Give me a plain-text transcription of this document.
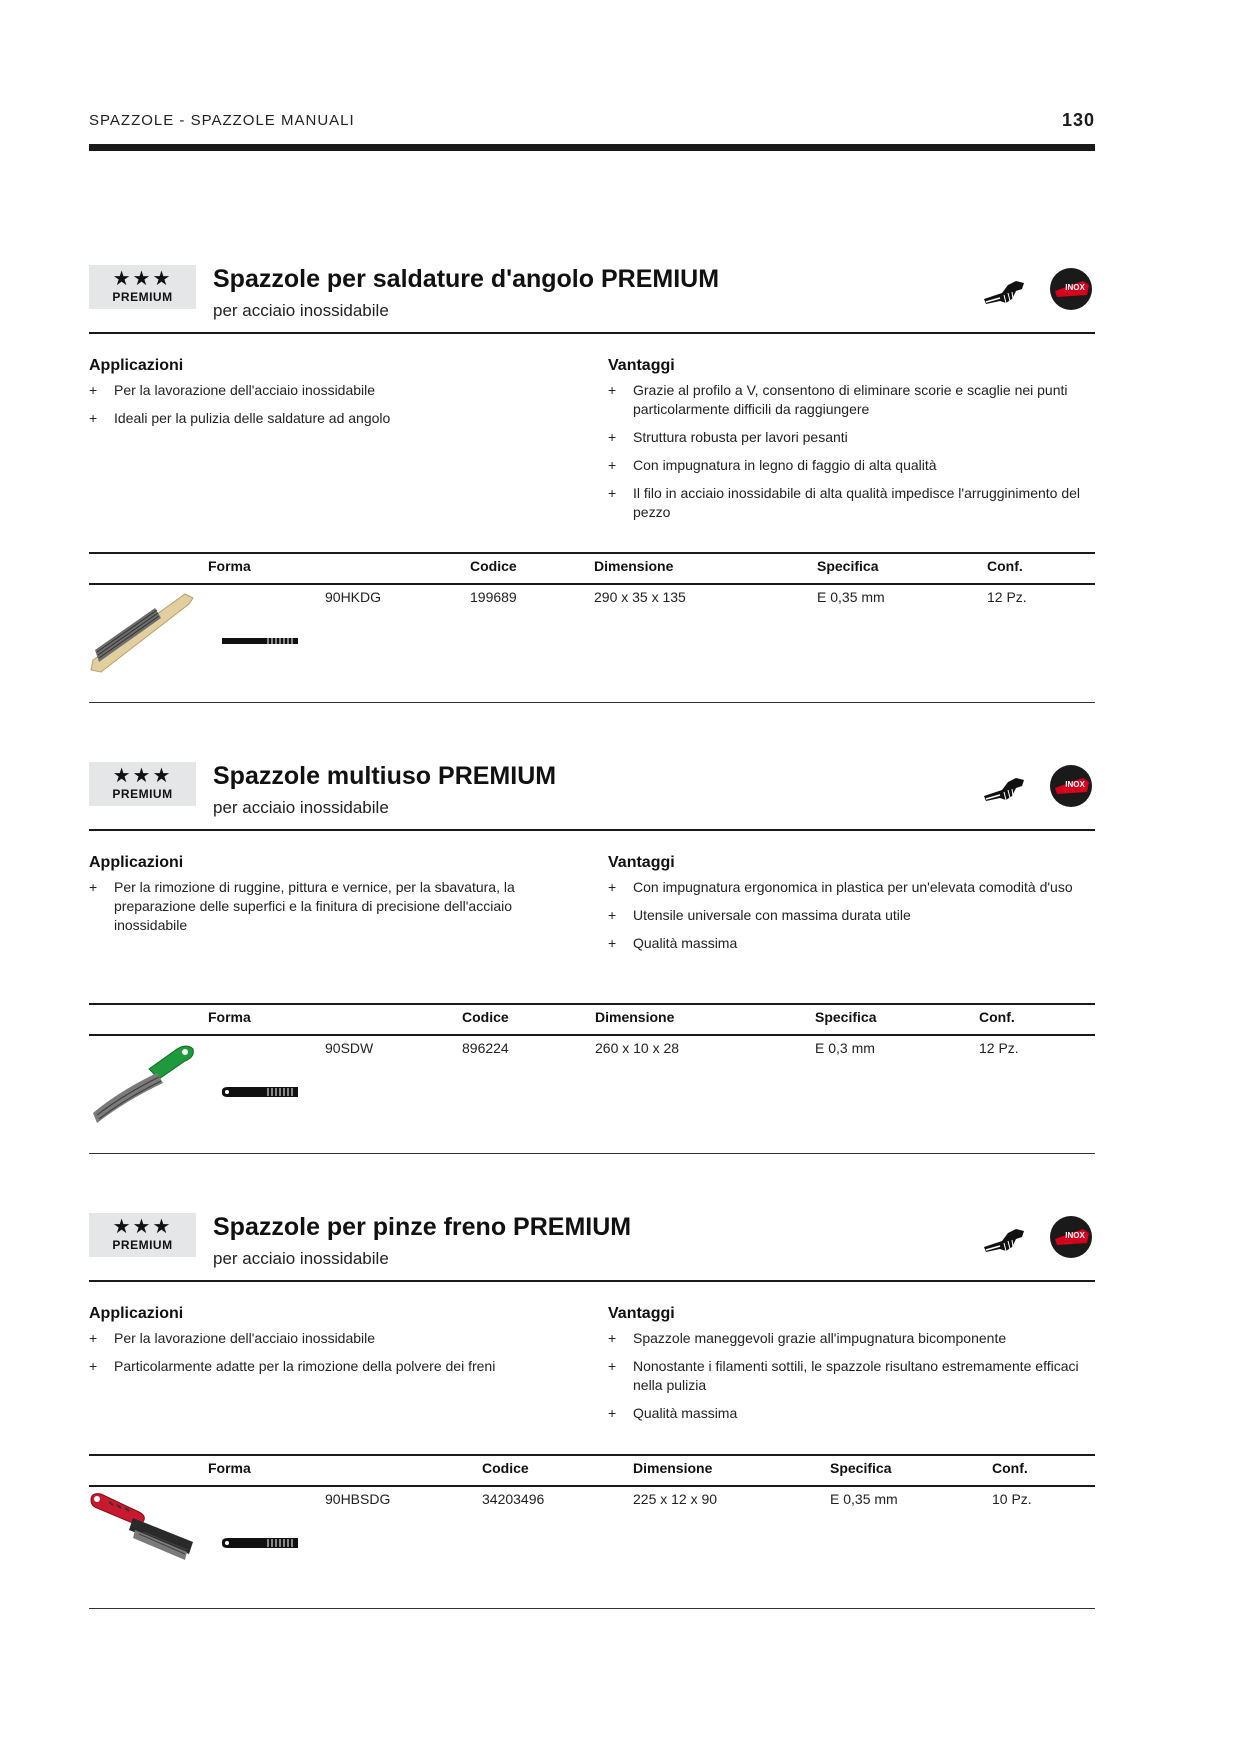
SPAZZOLE - SPAZZOLE MANUALI	130
★★★
PREMIUM
Spazzole per saldature d'angolo PREMIUM
per acciaio inossidabile
INOX
Applicazioni
+ Per la lavorazione dell'acciaio inossidabile
+ Ideali per la pulizia delle saldature ad angolo
Vantaggi
+ Grazie al profilo a V, consentono di eliminare scorie e scaglie nei punti particolarmente difficili da raggiungere
+ Struttura robusta per lavori pesanti
+ Con impugnatura in legno di faggio di alta qualità
+ Il filo in acciaio inossidabile di alta qualità impedisce l'arrugginimento del pezzo
Forma	Codice	Dimensione	Specifica	Conf.
90HKDG	199689	290 x 35 x 135	E 0,35 mm	12 Pz.
★★★
PREMIUM
Spazzole multiuso PREMIUM
per acciaio inossidabile
INOX
Applicazioni
+ Per la rimozione di ruggine, pittura e vernice, per la sbavatura, la preparazione delle superfici e la finitura di precisione dell'acciaio inossidabile
Vantaggi
+ Con impugnatura ergonomica in plastica per un'elevata comodità d'uso
+ Utensile universale con massima durata utile
+ Qualità massima
Forma	Codice	Dimensione	Specifica	Conf.
90SDW	896224	260 x 10 x 28	E 0,3 mm	12 Pz.
★★★
PREMIUM
Spazzole per pinze freno PREMIUM
per acciaio inossidabile
INOX
Applicazioni
+ Per la lavorazione dell'acciaio inossidabile
+ Particolarmente adatte per la rimozione della polvere dei freni
Vantaggi
+ Spazzole maneggevoli grazie all'impugnatura bicomponente
+ Nonostante i filamenti sottili, le spazzole risultano estremamente efficaci nella pulizia
+ Qualità massima
Forma	Codice	Dimensione	Specifica	Conf.
90HBSDG	34203496	225 x 12 x 90	E 0,35 mm	10 Pz.
